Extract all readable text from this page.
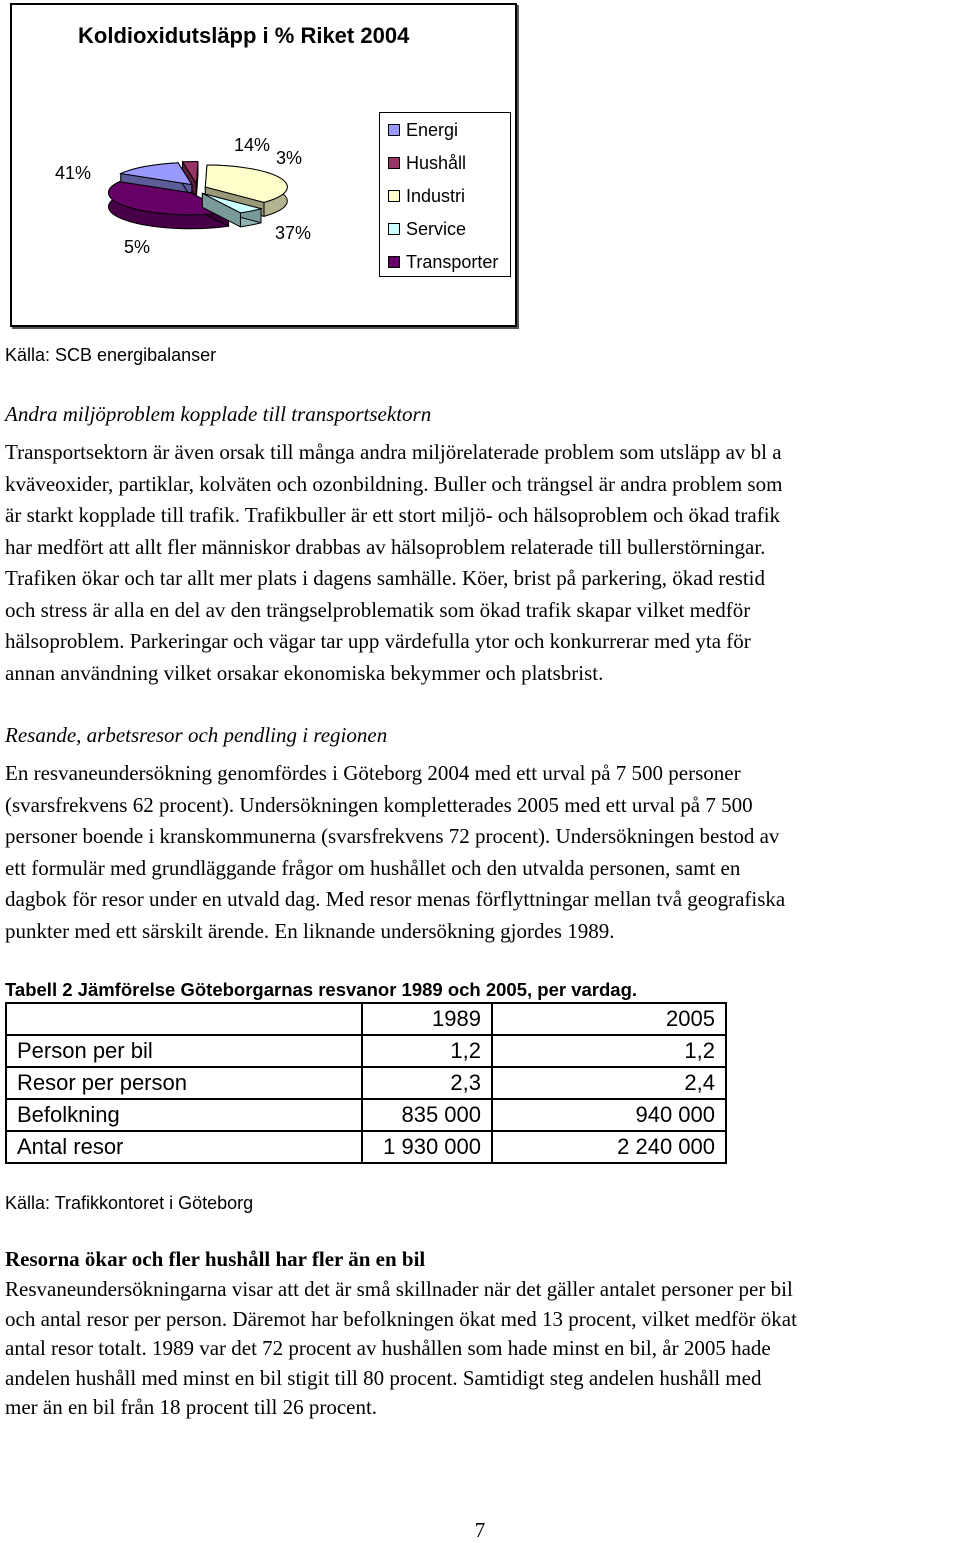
Koldioxidutsläpp i % Riket 2004
41%
14%
3%
37%
5%
Energi
Hushåll
Industri
Service
Transporter
Källa: SCB energibalanser
Andra miljöproblem kopplade till transportsektorn
Transportsektorn är även orsak till många andra miljörelaterade problem som utsläpp av bl a
kväveoxider, partiklar, kolväten och ozonbildning. Buller och trängsel är andra problem som
är starkt kopplade till trafik. Trafikbuller är ett stort miljö- och hälsoproblem och ökad trafik
har medfört att allt fler människor drabbas av hälsoproblem relaterade till bullerstörningar.
Trafiken ökar och tar allt mer plats i dagens samhälle. Köer, brist på parkering, ökad restid
och stress är alla en del av den trängselproblematik som ökad trafik skapar vilket medför
hälsoproblem. Parkeringar och vägar tar upp värdefulla ytor och konkurrerar med yta för
annan användning vilket orsakar ekonomiska bekymmer och platsbrist.
Resande, arbetsresor och pendling i regionen
En resvaneundersökning genomfördes i Göteborg 2004 med ett urval på 7 500 personer
(svarsfrekvens 62 procent). Undersökningen kompletterades 2005 med ett urval på 7 500
personer boende i kranskommunerna (svarsfrekvens 72 procent). Undersökningen bestod av
ett formulär med grundläggande frågor om hushållet och den utvalda personen, samt en
dagbok för resor under en utvald dag. Med resor menas förflyttningar mellan två geografiska
punkter med ett särskilt ärende. En liknande undersökning gjordes 1989.
Tabell 2 Jämförelse Göteborgarnas resvanor 1989 och 2005, per vardag.
	1989	2005
Person per bil	1,2	1,2
Resor per person	2,3	2,4
Befolkning	835 000	940 000
Antal resor	1 930 000	2 240 000
Källa: Trafikkontoret i Göteborg
Resorna ökar och fler hushåll har fler än en bil
Resvaneundersökningarna visar att det är små skillnader när det gäller antalet personer per bil
och antal resor per person. Däremot har befolkningen ökat med 13 procent, vilket medför ökat
antal resor totalt. 1989 var det 72 procent av hushållen som hade minst en bil, år 2005 hade
andelen hushåll med minst en bil stigit till 80 procent. Samtidigt steg andelen hushåll med
mer än en bil från 18 procent till 26 procent.
7
